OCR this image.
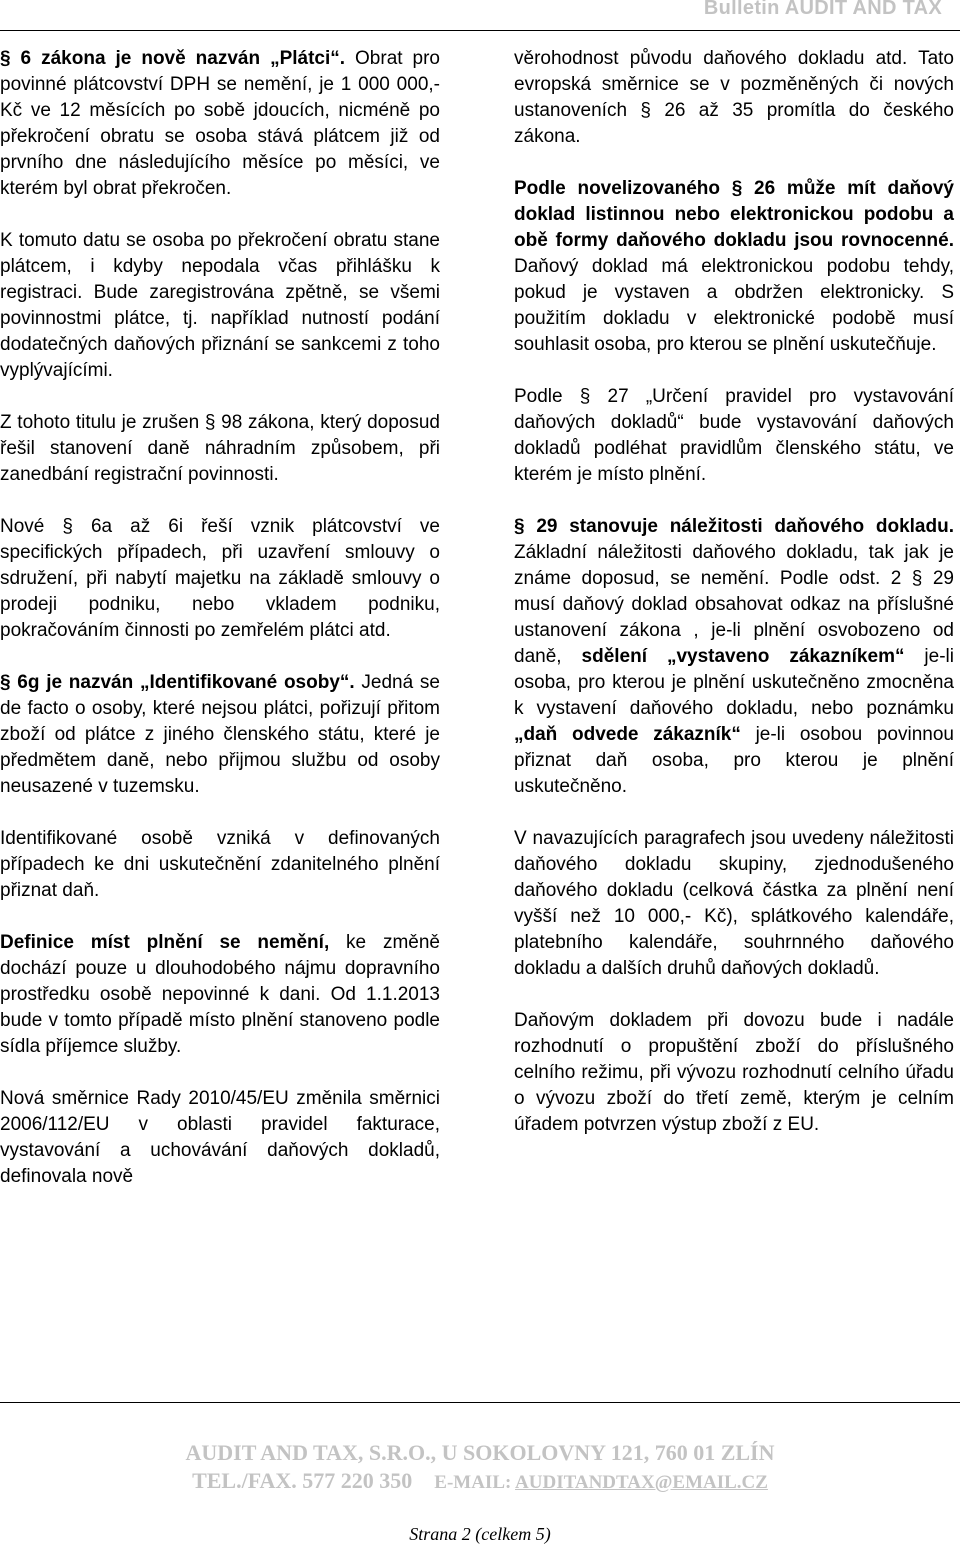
Bulletin AUDIT AND TAX

§ 6 zákona je nově nazván „Plátci“. Obrat pro povinné plátcovství DPH se nemění, je 1 000 000,- Kč ve 12 měsících po sobě jdoucích, nicméně po překročení obratu se osoba stává plátcem již od prvního dne následujícího měsíce po měsíci, ve kterém byl obrat překročen.

K tomuto datu se osoba po překročení obratu stane plátcem, i kdyby nepodala včas přihlášku k registraci. Bude zaregistrována zpětně, se všemi povinnostmi plátce, tj. například nutností podání dodatečných daňových přiznání se sankcemi z toho vyplývajícími.

Z tohoto titulu je zrušen § 98 zákona, který doposud řešil stanovení daně náhradním způsobem, při zanedbání registrační povinnosti.

Nové § 6a až 6i řeší vznik plátcovství ve specifických případech, při uzavření smlouvy o sdružení, při nabytí majetku na základě smlouvy o prodeji podniku, nebo vkladem podniku, pokračováním činnosti po zemřelém plátci atd.

§ 6g je nazván „Identifikované osoby“. Jedná se de facto o osoby, které nejsou plátci, pořizují přitom zboží od plátce z jiného členského státu, které je předmětem daně, nebo přijmou službu od osoby neusazené v tuzemsku.

Identifikované osobě vzniká v definovaných případech ke dni uskutečnění zdanitelného plnění přiznat daň.

Definice míst plnění se nemění, ke změně dochází pouze u dlouhodobého nájmu dopravního prostředku osobě nepovinné k dani. Od 1.1.2013 bude v tomto případě místo plnění stanoveno podle sídla příjemce služby.

Nová směrnice Rady 2010/45/EU změnila směrnici 2006/112/EU v oblasti pravidel fakturace, vystavování a uchovávání daňových dokladů, definovala nově

věrohodnost původu daňového dokladu atd. Tato evropská směrnice se v pozměněných či nových ustanoveních § 26 až 35 promítla do českého zákona.

Podle novelizovaného § 26 může mít daňový doklad listinnou nebo elektronickou podobu a obě formy daňového dokladu jsou rovnocenné. Daňový doklad má elektronickou podobu tehdy, pokud je vystaven a obdržen elektronicky. S použitím dokladu v elektronické podobě musí souhlasit osoba, pro kterou se plnění uskutečňuje.

Podle § 27 „Určení pravidel pro vystavování daňových dokladů“ bude vystavování daňových dokladů podléhat pravidlům členského státu, ve kterém je místo plnění.

§ 29 stanovuje náležitosti daňového dokladu. Základní náležitosti daňového dokladu, tak jak je známe doposud, se nemění. Podle odst. 2 § 29 musí daňový doklad obsahovat odkaz na příslušné ustanovení zákona , je-li plnění osvobozeno od daně, sdělení „vystaveno zákazníkem“ je-li osoba, pro kterou je plnění uskutečněno zmocněna k vystavení daňového dokladu, nebo poznámku „daň odvede zákazník“ je-li osobou povinnou přiznat daň osoba, pro kterou je plnění uskutečněno.

V navazujících paragrafech jsou uvedeny náležitosti daňového dokladu skupiny, zjednodušeného daňového dokladu (celková částka za plnění není vyšší než 10 000,- Kč), splátkového kalendáře, platebního kalendáře, souhrnného daňového dokladu a dalších druhů daňových dokladů.

Daňovým dokladem při dovozu bude i nadále rozhodnutí o propuštění zboží do příslušného celního režimu, při vývozu rozhodnutí celního úřadu o vývozu zboží do třetí země, kterým je celním úřadem potvrzen výstup zboží z EU.

AUDIT AND TAX, S.R.O., U SOKOLOVNY 121, 760 01 ZLÍN
TEL./FAX. 577 220 350 E-MAIL: AUDITANDTAX@EMAIL.CZ
Strana 2 (celkem 5)
